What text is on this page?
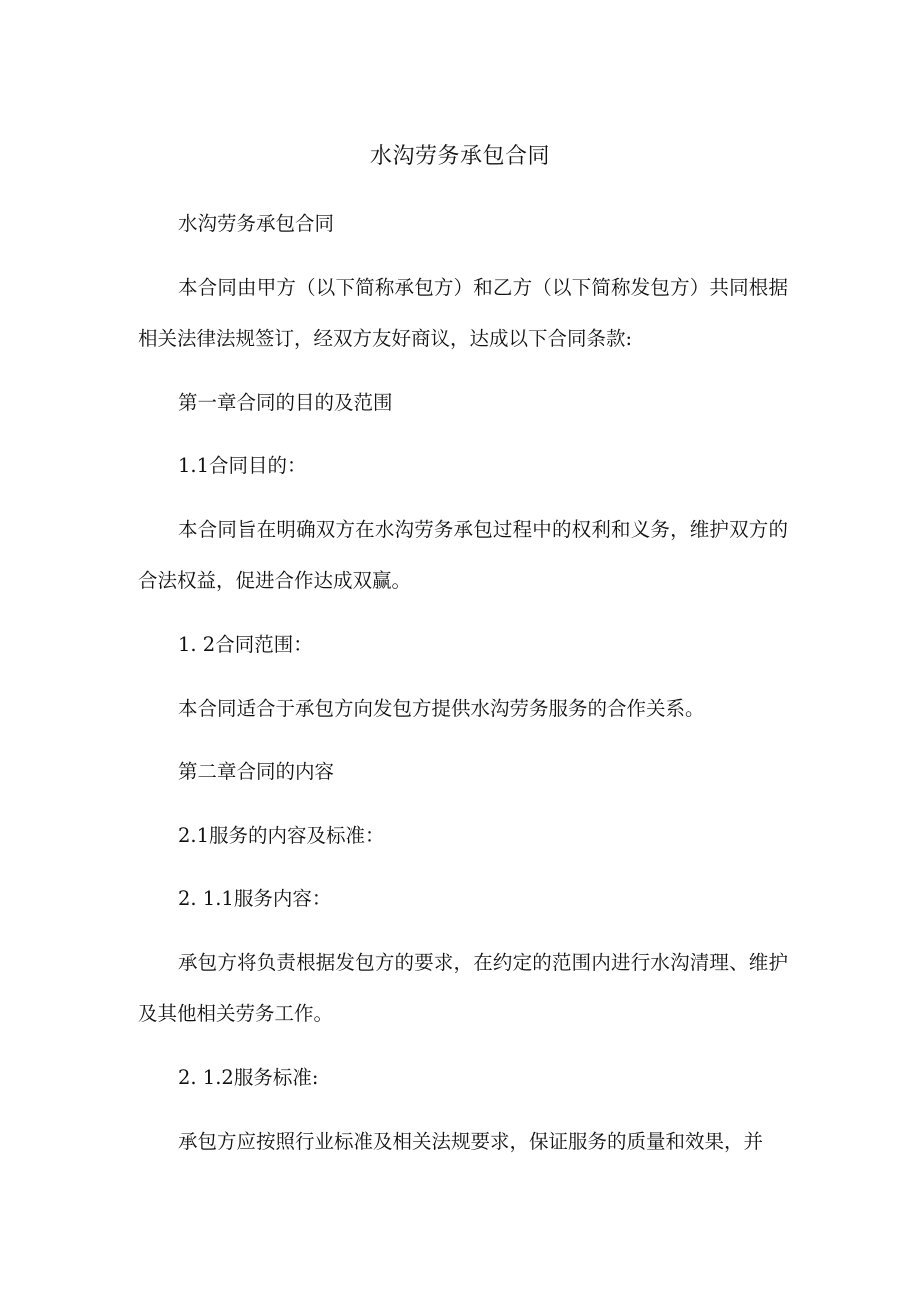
水沟劳务承包合同

水沟劳务承包合同

本合同由甲方（以下简称承包方）和乙方（以下简称发包方）共同根据相关法律法规签订，经双方友好商议，达成以下合同条款:

第一章合同的目的及范围

1.1合同目的：

本合同旨在明确双方在水沟劳务承包过程中的权利和义务，维护双方的合法权益，促进合作达成双赢。

1. 2合同范围：

本合同适合于承包方向发包方提供水沟劳务服务的合作关系。

第二章合同的内容

2.1服务的内容及标准：

2. 1.1服务内容：

承包方将负责根据发包方的要求，在约定的范围内进行水沟清理、维护及其他相关劳务工作。

2. 1.2服务标准:

承包方应按照行业标准及相关法规要求，保证服务的质量和效果，并
